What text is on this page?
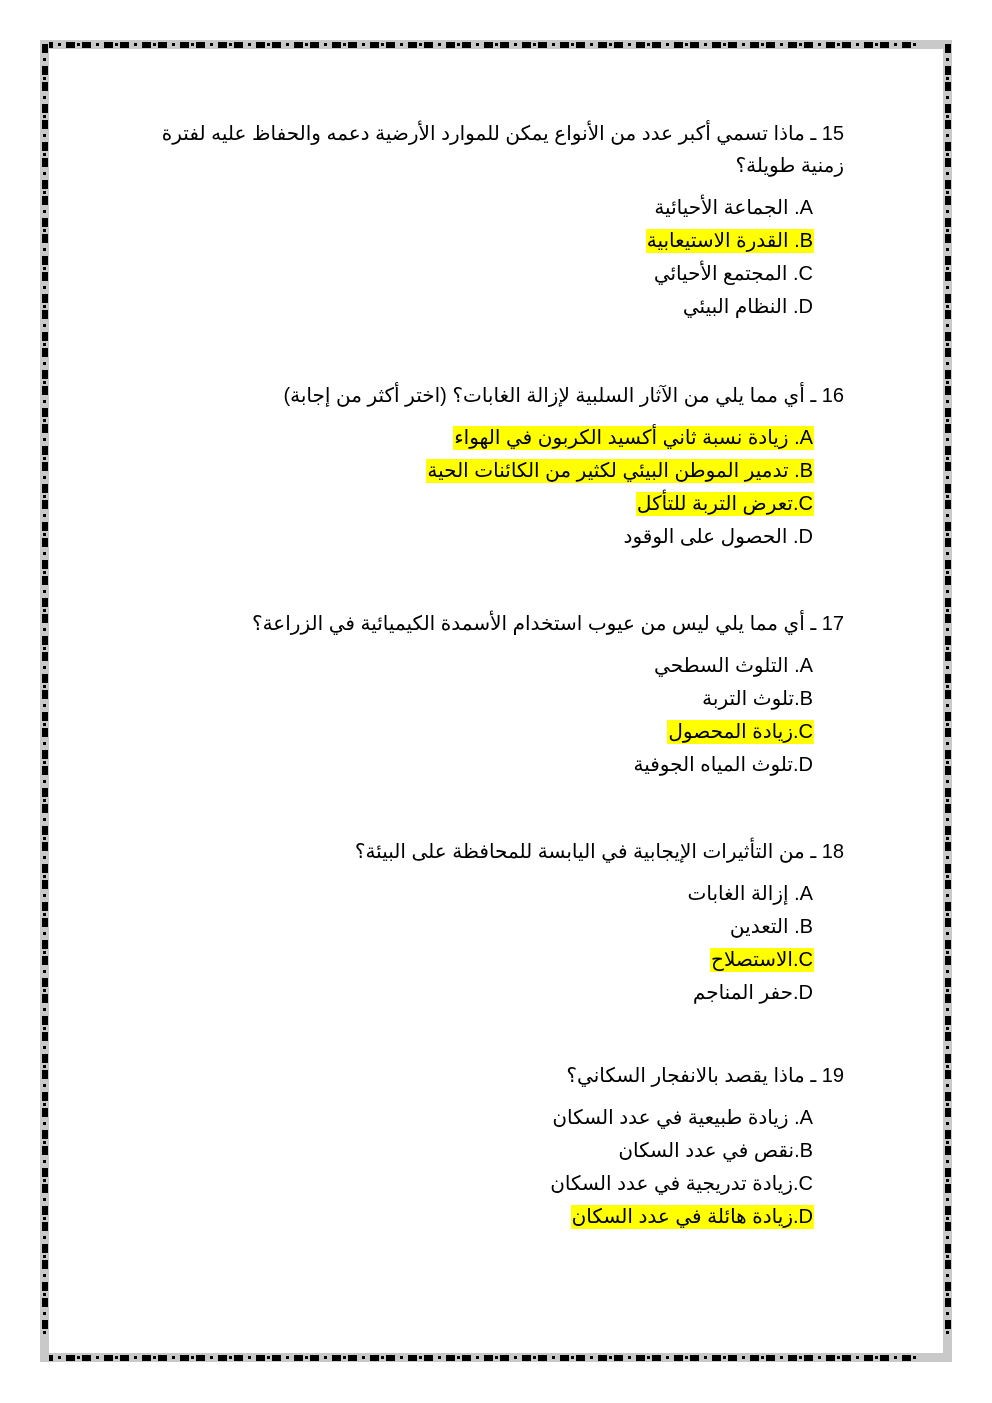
15 ـ ماذا تسمي أكبر عدد من الأنواع يمكن للموارد الأرضية دعمه والحفاظ عليه لفترة زمنية طويلة؟

A. الجماعة الأحيائية
B. القدرة الاستيعابية
C. المجتمع الأحيائي
D. النظام البيئي

16 ـ أي مما يلي من الآثار السلبية لإزالة الغابات؟ (اختر أكثر من إجابة)

A. زيادة نسبة ثاني أكسيد الكربون في الهواء
B. تدمير الموطن البيئي لكثير من الكائنات الحية
C.تعرض التربة للتأكل
D. الحصول على الوقود

17 ـ أي مما يلي ليس من عيوب استخدام الأسمدة الكيميائية في الزراعة؟

A. التلوث السطحي
B.تلوث التربة
C.زيادة المحصول
D.تلوث المياه الجوفية

18 ـ من التأثيرات الإيجابية في اليابسة للمحافظة على البيئة؟

A. إزالة الغابات
B. التعدين
C.الاستصلاح
D.حفر المناجم

19 ـ ماذا يقصد بالانفجار السكاني؟

A. زيادة طبيعية في عدد السكان
B.نقص في عدد السكان
C.زيادة تدريجية في عدد السكان
D.زيادة هائلة في عدد السكان
